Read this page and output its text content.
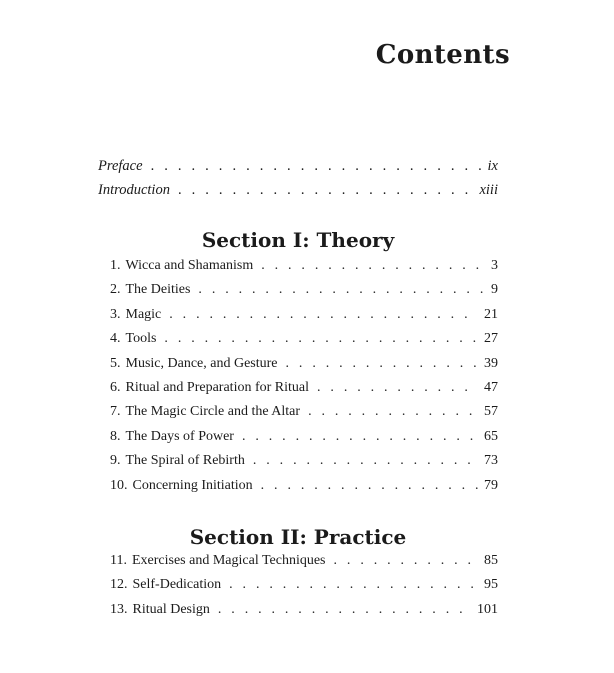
Contents
Preface . . .	ix
Introduction . . .	xiii
Section I: Theory
1. Wicca and Shamanism . . .	3
2. The Deities . . .	9
3. Magic . . .	21
4. Tools . . .	27
5. Music, Dance, and Gesture . . .	39
6. Ritual and Preparation for Ritual . . .	47
7. The Magic Circle and the Altar . . .	57
8. The Days of Power . . .	65
9. The Spiral of Rebirth . . .	73
10. Concerning Initiation . . .	79
Section II: Practice
11. Exercises and Magical Techniques . . .	85
12. Self-Dedication . . .	95
13. Ritual Design . . .	101
